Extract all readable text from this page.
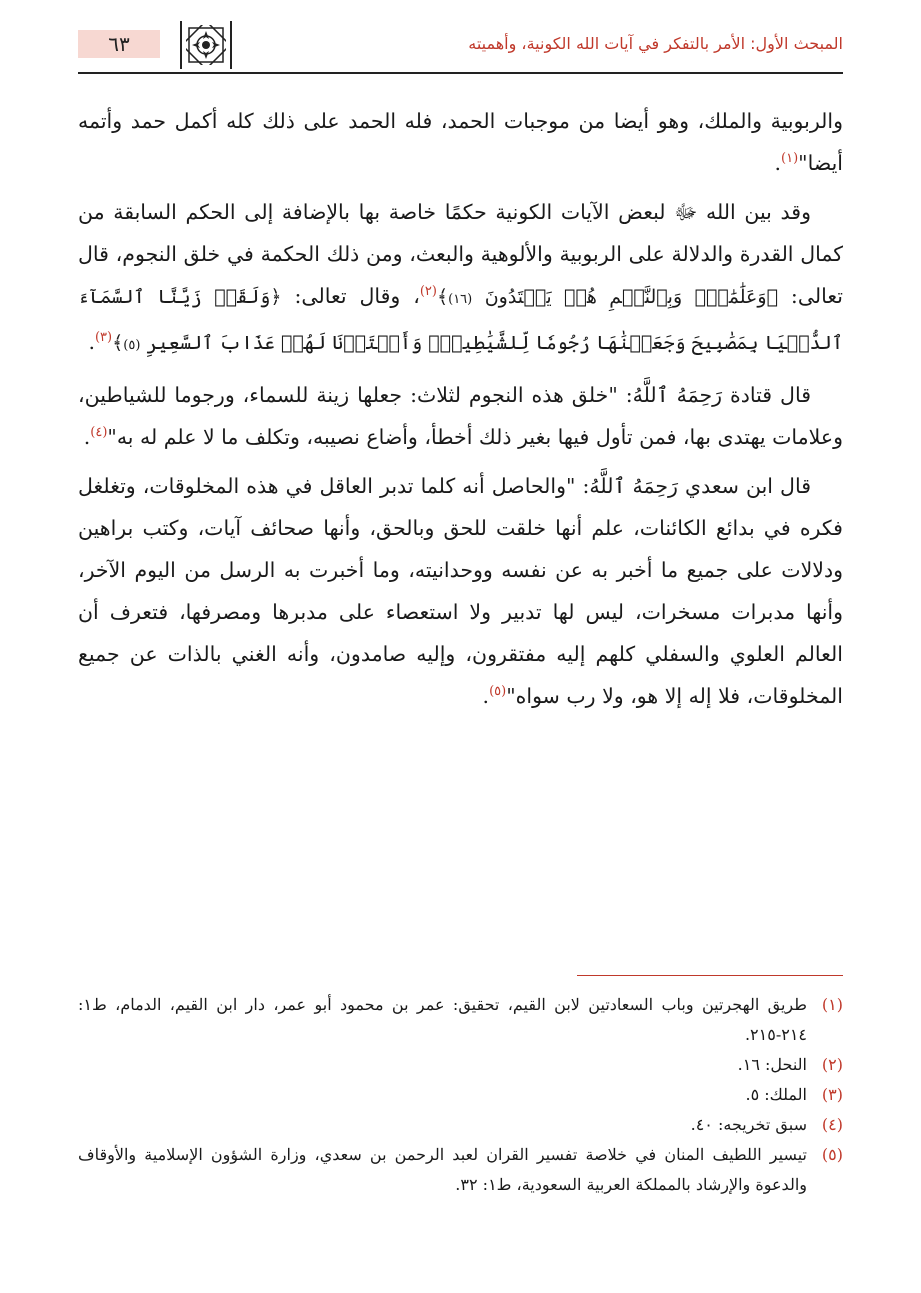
المبحث الأول: الأمر بالتفكر في آيات الله الكونية، وأهميته
٦٣

والربوبية والملك، وهو أيضا من موجبات الحمد، فله الحمد على ذلك كله أكمل حمد وأتمه أيضا"$^{(١)}$.

وقد بين الله ﷻ لبعض الآيات الكونية حكمًا خاصة بها بالإضافة إلى الحكم السابقة من كمال القدرة والدلالة على الربوبية والألوهية والبعث، ومن ذلك الحكمة في خلق النجوم، قال تعالى: ﴿وَعَلَٰمَٰتٍۚ وَبِٱلنَّجۡمِ هُمۡ يَهۡتَدُونَ (١٦)﴾$^{(٢)}$، وقال تعالى: ﴿وَلَقَدۡ زَيَّنَّا ٱلسَّمَآءَ ٱلدُّنۡيَا بِمَصَٰبِيحَ وَجَعَلۡنَٰهَا رُجُومٗا لِّلشَّيَٰطِينِۖ وَأَعۡتَدۡنَا لَهُمۡ عَذَابَ ٱلسَّعِيرِ (٥)﴾$^{(٣)}$.

قال قتادة رَحِمَهُ ٱللَّهُ: "خلق هذه النجوم لثلاث: جعلها زينة للسماء، ورجوما للشياطين، وعلامات يهتدى بها، فمن تأول فيها بغير ذلك أخطأ، وأضاع نصيبه، وتكلف ما لا علم له به"$^{(٤)}$.

قال ابن سعدي رَحِمَهُ ٱللَّهُ: "والحاصل أنه كلما تدبر العاقل في هذه المخلوقات، وتغلغل فكره في بدائع الكائنات، علم أنها خلقت للحق وبالحق، وأنها صحائف آيات، وكتب براهين ودلالات على جميع ما أخبر به عن نفسه ووحدانيته، وما أخبرت به الرسل من اليوم الآخر، وأنها مدبرات مسخرات، ليس لها تدبير ولا استعصاء على مدبرها ومصرفها، فتعرف أن العالم العلوي والسفلي كلهم إليه مفتقرون، وإليه صامدون، وأنه الغني بالذات عن جميع المخلوقات، فلا إله إلا هو، ولا رب سواه"$^{(٥)}$.

(١)
طريق الهجرتين وباب السعادتين لابن القيم، تحقيق: عمر بن محمود أبو عمر، دار ابن القيم، الدمام، ط١: ٢١٤-٢١٥.
(٢)
النحل: ١٦.
(٣)
الملك: ٥.
(٤)
سبق تخريجه: ٤٠.
(٥)
تيسير اللطيف المنان في خلاصة تفسير القران لعبد الرحمن بن سعدي، وزارة الشؤون الإسلامية والأوقاف والدعوة والإرشاد بالمملكة العربية السعودية، ط١: ٣٢.
